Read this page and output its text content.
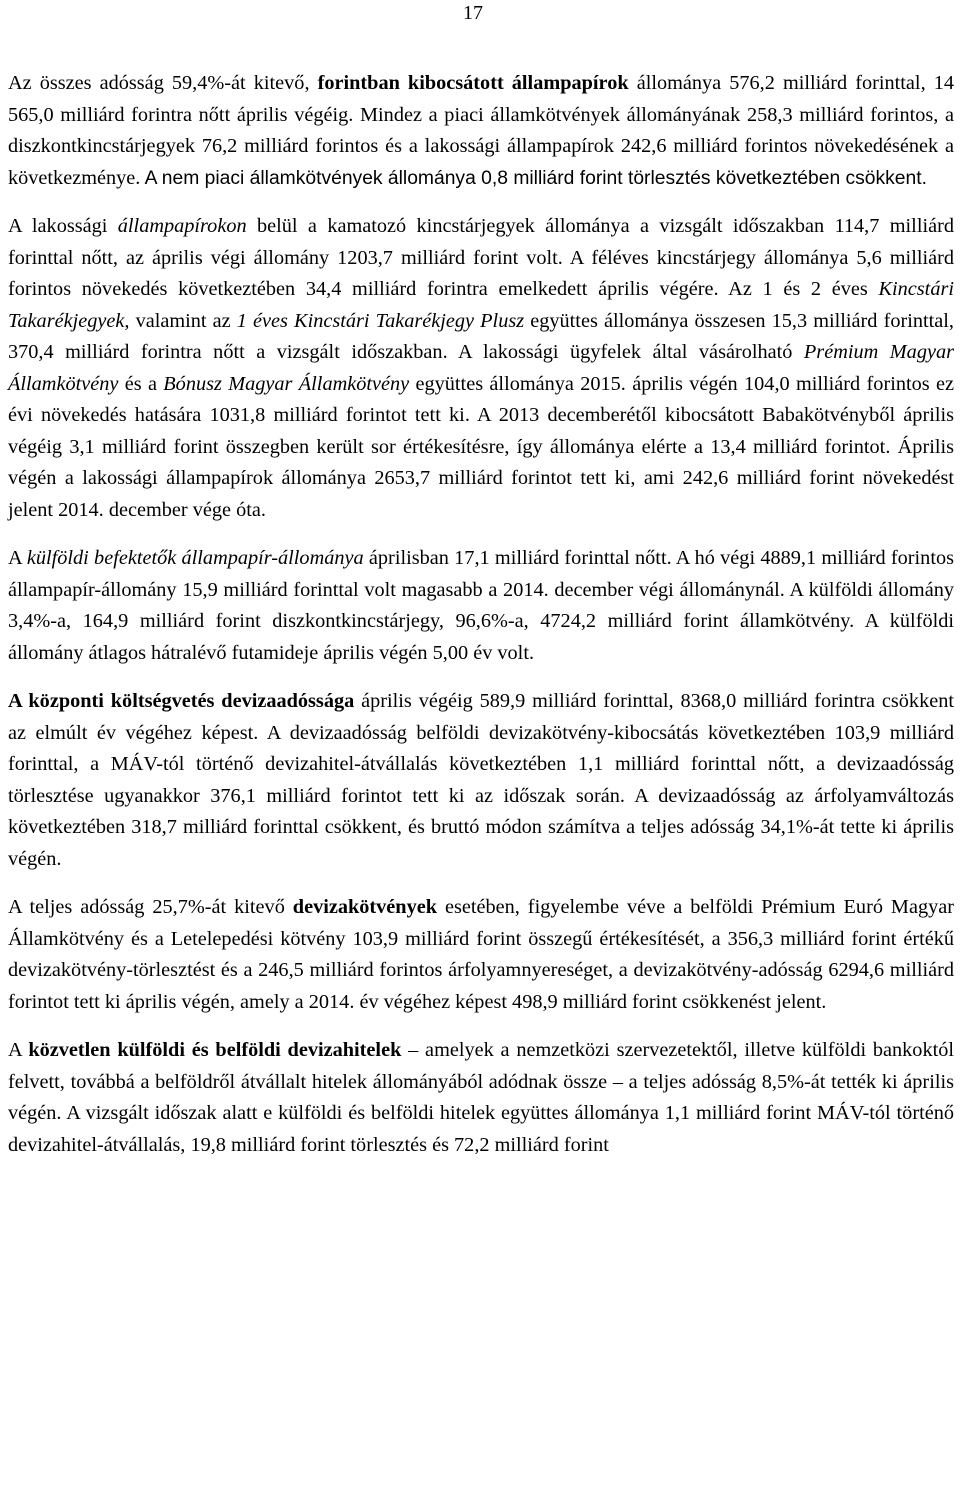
17

Az összes adósság 59,4%-át kitevő, forintban kibocsátott állampapírok állománya 576,2 milliárd forinttal, 14 565,0 milliárd forintra nőtt április végéig. Mindez a piaci államkötvények állományának 258,3 milliárd forintos, a diszkontkincstárjegyek 76,2 milliárd forintos és a lakossági állampapírok 242,6 milliárd forintos növekedésének a következménye. A nem piaci államkötvények állománya 0,8 milliárd forint törlesztés következtében csökkent.

A lakossági állampapírokon belül a kamatozó kincstárjegyek állománya a vizsgált időszakban 114,7 milliárd forinttal nőtt, az április végi állomány 1203,7 milliárd forint volt. A féléves kincstárjegy állománya 5,6 milliárd forintos növekedés következtében 34,4 milliárd forintra emelkedett április végére. Az 1 és 2 éves Kincstári Takarékjegyek, valamint az 1 éves Kincstári Takarékjegy Plusz együttes állománya összesen 15,3 milliárd forinttal, 370,4 milliárd forintra nőtt a vizsgált időszakban. A lakossági ügyfelek által vásárolható Prémium Magyar Államkötvény és a Bónusz Magyar Államkötvény együttes állománya 2015. április végén 104,0 milliárd forintos ez évi növekedés hatására 1031,8 milliárd forintot tett ki. A 2013 decemberétől kibocsátott Babakötvényből április végéig 3,1 milliárd forint összegben került sor értékesítésre, így állománya elérte a 13,4 milliárd forintot. Április végén a lakossági állampapírok állománya 2653,7 milliárd forintot tett ki, ami 242,6 milliárd forint növekedést jelent 2014. december vége óta.

A külföldi befektetők állampapír-állománya áprilisban 17,1 milliárd forinttal nőtt. A hó végi 4889,1 milliárd forintos állampapír-állomány 15,9 milliárd forinttal volt magasabb a 2014. december végi állománynál. A külföldi állomány 3,4%-a, 164,9 milliárd forint diszkontkincstárjegy, 96,6%-a, 4724,2 milliárd forint államkötvény. A külföldi állomány átlagos hátralévő futamideje április végén 5,00 év volt.

A központi költségvetés devizaadóssága április végéig 589,9 milliárd forinttal, 8368,0 milliárd forintra csökkent az elmúlt év végéhez képest. A devizaadósság belföldi devizakötvény-kibocsátás következtében 103,9 milliárd forinttal, a MÁV-tól történő devizahitel-átvállalás következtében 1,1 milliárd forinttal nőtt, a devizaadósság törlesztése ugyanakkor 376,1 milliárd forintot tett ki az időszak során. A devizaadósság az árfolyamváltozás következtében 318,7 milliárd forinttal csökkent, és bruttó módon számítva a teljes adósság 34,1%-át tette ki április végén.

A teljes adósság 25,7%-át kitevő devizakötvények esetében, figyelembe véve a belföldi Prémium Euró Magyar Államkötvény és a Letelepedési kötvény 103,9 milliárd forint összegű értékesítését, a 356,3 milliárd forint értékű devizakötvény-törlesztést és a 246,5 milliárd forintos árfolyamnyereséget, a devizakötvény-adósság 6294,6 milliárd forintot tett ki április végén, amely a 2014. év végéhez képest 498,9 milliárd forint csökkenést jelent.

A közvetlen külföldi és belföldi devizahitelek – amelyek a nemzetközi szervezetektől, illetve külföldi bankoktól felvett, továbbá a belföldről átvállalt hitelek állományából adódnak össze – a teljes adósság 8,5%-át tették ki április végén. A vizsgált időszak alatt e külföldi és belföldi hitelek együttes állománya 1,1 milliárd forint MÁV-tól történő devizahitel-átvállalás, 19,8 milliárd forint törlesztés és 72,2 milliárd forint
